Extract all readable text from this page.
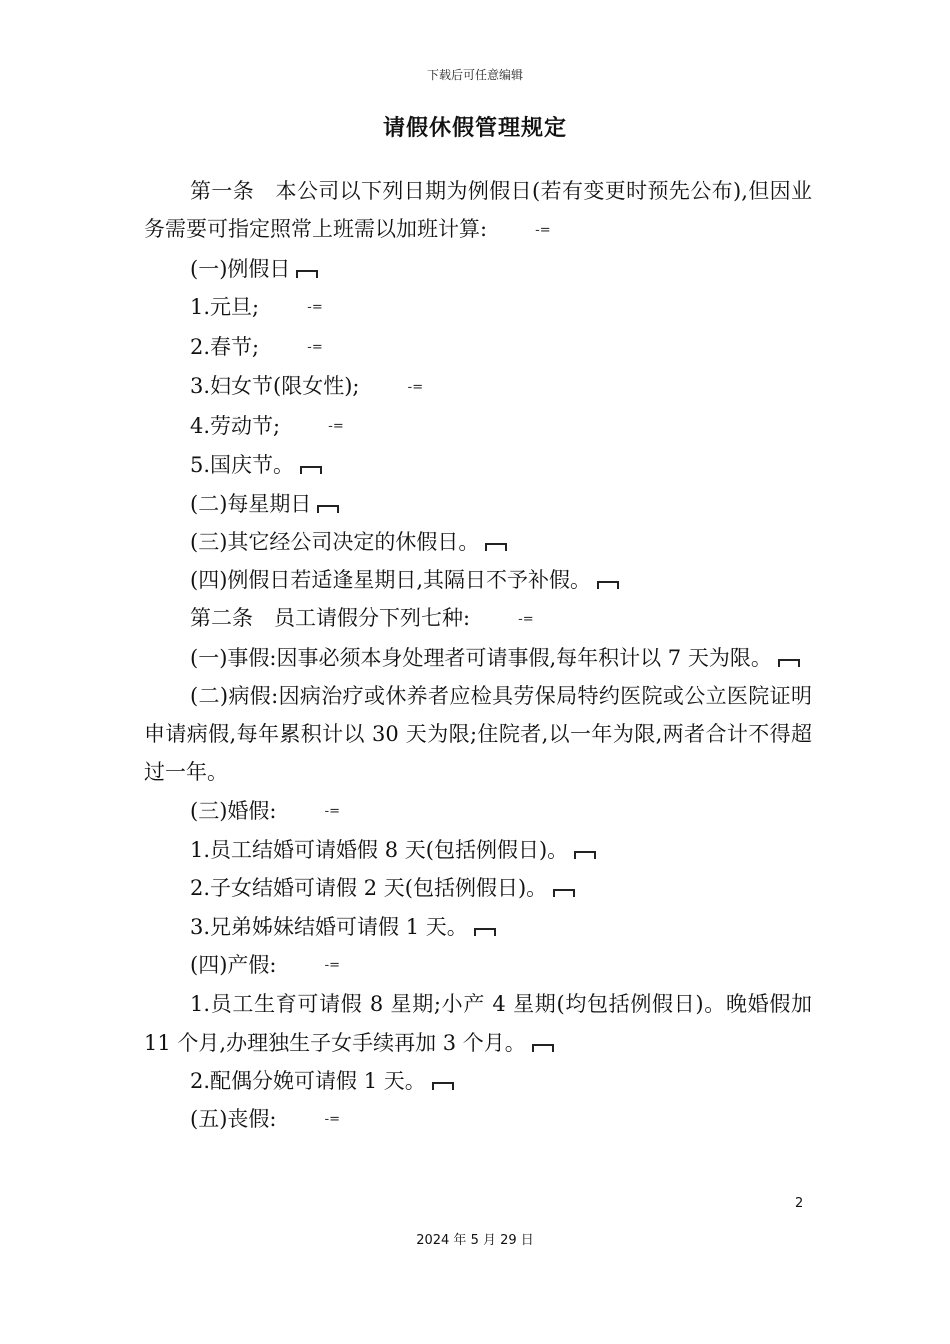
下载后可任意编辑
请假休假管理规定

第一条　本公司以下列日期为例假日(若有变更时预先公布),但因业务需要可指定照常上班需以加班计算:	-=

(一)例假日

1.元旦;	-=

2.春节;	-=

3.妇女节(限女性);	-=

4.劳动节;	-=

5.国庆节。

(二)每星期日

(三)其它经公司决定的休假日。

(四)例假日若适逢星期日,其隔日不予补假。

第二条　员工请假分下列七种:	-=

(一)事假:因事必须本身处理者可请事假,每年积计以 7 天为限。

(二)病假:因病治疗或休养者应检具劳保局特约医院或公立医院证明申请病假,每年累积计以 30 天为限;住院者,以一年为限,两者合计不得超过一年。

(三)婚假:	-=

1.员工结婚可请婚假 8 天(包括例假日)。

2.子女结婚可请假 2 天(包括例假日)。

3.兄弟姊妹结婚可请假 1 天。

(四)产假:	-=

1.员工生育可请假 8 星期;小产 4 星期(均包括例假日)。晚婚假加 11 个月,办理独生子女手续再加 3 个月。

2.配偶分娩可请假 1 天。

(五)丧假:	-=

2
2024 年 5 月 29 日
